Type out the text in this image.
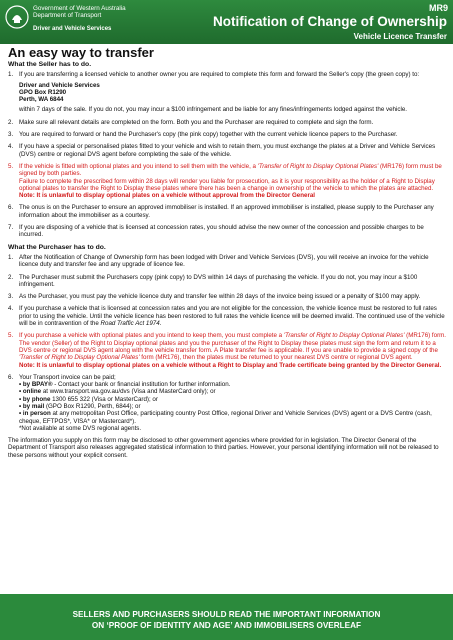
Government of Western Australia
Department of Transport
Driver and Vehicle Services
MR9
Notification of Change of Ownership
Vehicle Licence Transfer
An easy way to transfer
What the Seller has to do.
1. If you are transferring a licensed vehicle to another owner you are required to complete this form and forward the Seller's copy (the green copy) to:
Driver and Vehicle Services
GPO Box R1290
Perth, WA 6844
within 7 days of the sale. If you do not, you may incur a $100 infringement and be liable for any fines/infringements lodged against the vehicle.
2. Make sure all relevant details are completed on the form. Both you and the Purchaser are required to complete and sign the form.
3. You are required to forward or hand the Purchaser's copy (the pink copy) together with the current vehicle licence papers to the Purchaser.
4. If you have a special or personalised plates fitted to your vehicle and wish to retain them, you must exchange the plates at a Driver and Vehicle Services (DVS) centre or regional DVS agent before completing the sale of the vehicle.
5. If the vehicle is fitted with optional plates and you intend to sell them with the vehicle, a 'Transfer of Right to Display Optional Plates' (MR176) form must be signed by both parties.
Failure to complete the prescribed form within 28 days will render you liable for prosecution, as it is your responsibility as the holder of a Right to Display optional plates to transfer the Right to Display these plates where there has been a change in ownership of the vehicle to which the plates are attached.
Note: It is unlawful to display optional plates on a vehicle without approval from the Director General
6. The onus is on the Purchaser to ensure an approved immobiliser is installed. If an approved immobiliser is installed, please supply to the Purchaser any information about the immobiliser as a courtesy.
7. If you are disposing of a vehicle that is licensed at concession rates, you should advise the new owner of the concession and possible charges to be incurred.
What the Purchaser has to do.
1. After the Notification of Change of Ownership form has been lodged with Driver and Vehicle Services (DVS), you will receive an invoice for the vehicle licence duty and transfer fee and any upgrade of licence fee.
2. The Purchaser must submit the Purchasers copy (pink copy) to DVS within 14 days of purchasing the vehicle. If you do not, you may incur a $100 infringement.
3. As the Purchaser, you must pay the vehicle licence duty and transfer fee within 28 days of the invoice being issued or a penalty of $100 may apply.
4. If you purchase a vehicle that is licensed at concession rates and you are not eligible for the concession, the vehicle licence must be restored to full rates prior to using the vehicle. Until the vehicle licence has been restored to full rates the vehicle licence will be deemed invalid. The continued use of the vehicle will be in contravention of the Road Traffic Act 1974.
5. If you purchase a vehicle with optional plates and you intend to keep them, you must complete a 'Transfer of Right to Display Optional Plates' (MR176) form. The vendor (Seller) of the Right to Display optional plates and you the purchaser of the Right to Display these plates must sign the form and return it to a DVS centre or regional DVS agent along with the vehicle transfer form. A Plate transfer fee is applicable. If you are unable to provide a signed copy of the 'Transfer of Right to Display Optional Plates' form (MR176), then the plates must be returned to your nearest DVS centre or regional DVS agent.
Note: It is unlawful to display optional plates on a vehicle without a Right to Display and Trade certificate being granted by the Director General.
6. Your Transport invoice can be paid;
• by BPAY® - Contact your bank or financial institution for further information.
• online at www.transport.wa.gov.au/dvs (Visa and MasterCard only); or
• by phone 1300 655 322 (Visa or MasterCard); or
• by mail (GPO Box R1290, Perth, 6844); or
• in person at any metropolitan Post Office, participating country Post Office, regional Driver and Vehicle Services (DVS) agent or a DVS Centre (cash, cheque, EFTPOS*, VISA* or Mastercard*).
*Not available at some DVS regional agents.
The information you supply on this form may be disclosed to other government agencies where provided for in legislation. The Director General of the Department of Transport also releases aggregated statistical information to third parties. However, your personal identifying information will not be released to these persons without your explicit consent.
SELLERS AND PURCHASERS SHOULD READ THE IMPORTANT INFORMATION
ON ‘PROOF OF IDENTITY AND AGE’ AND IMMOBILISERS OVERLEAF
